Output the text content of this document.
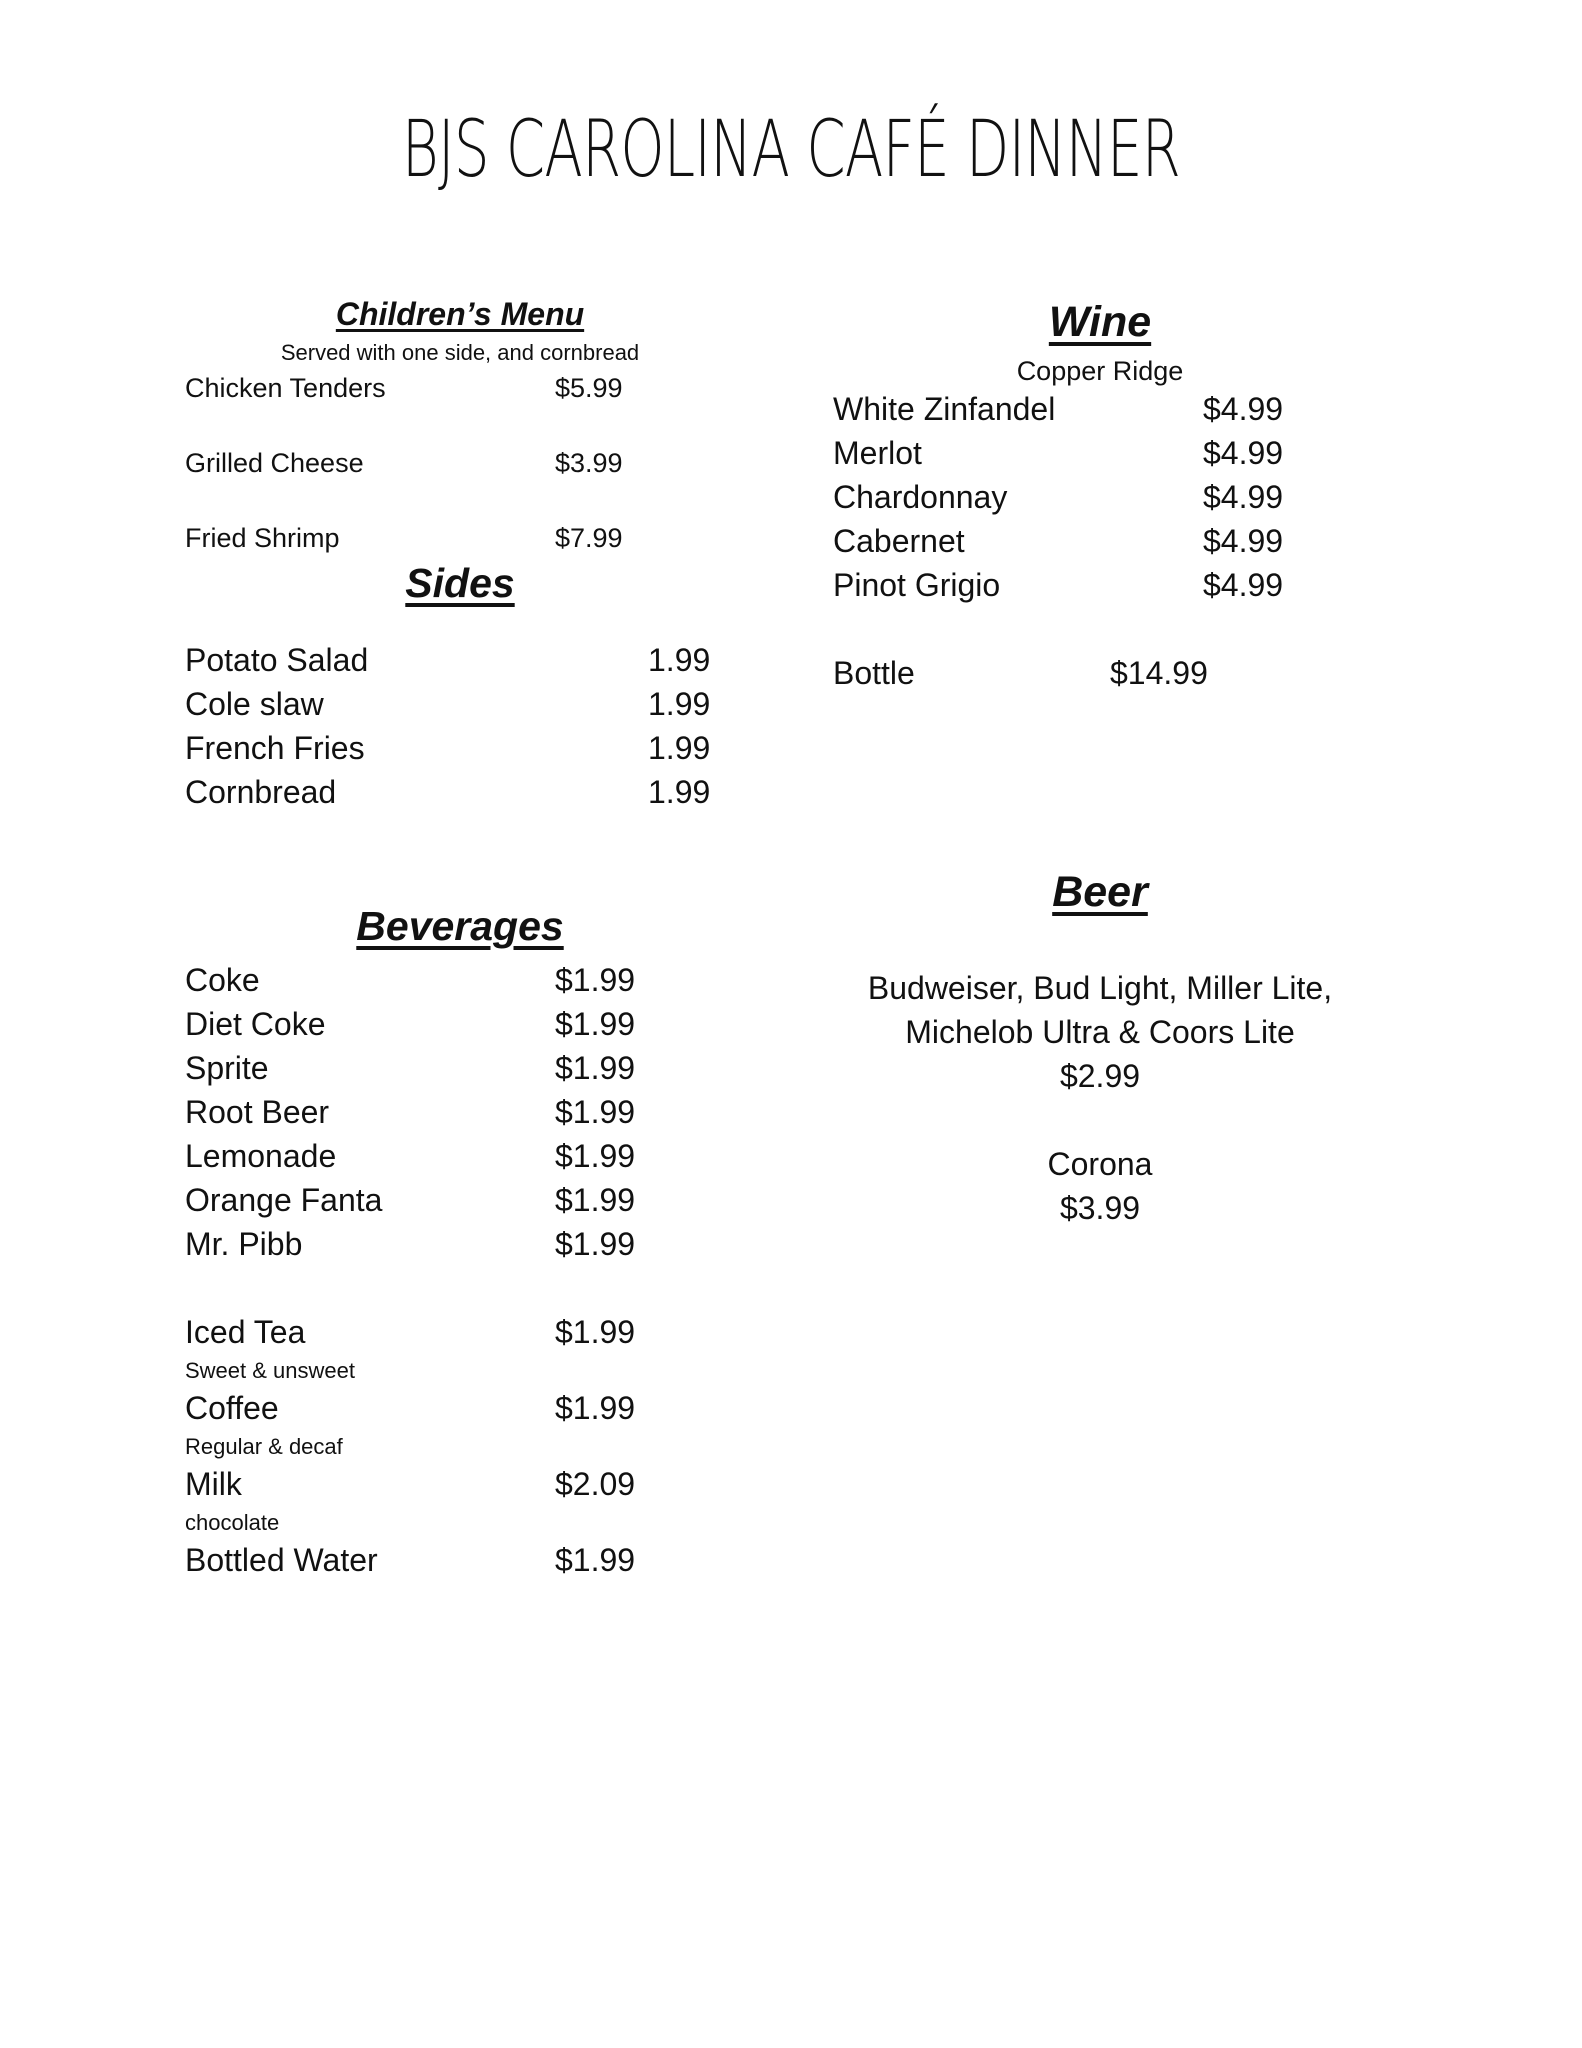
BJS CAROLINA CAFÉ DINNER
Children’s Menu
Served with one side, and cornbread
Chicken Tenders	$5.99
Grilled Cheese	$3.99
Fried Shrimp	$7.99
Sides
Potato Salad	1.99
Cole slaw	1.99
French Fries	1.99
Cornbread	1.99
Beverages
Coke	$1.99
Diet Coke	$1.99
Sprite	$1.99
Root Beer	$1.99
Lemonade	$1.99
Orange Fanta	$1.99
Mr. Pibb	$1.99
Iced Tea	$1.99
Sweet & unsweet
Coffee	$1.99
Regular & decaf
Milk	$2.09
chocolate
Bottled Water	$1.99
Wine
Copper Ridge
White Zinfandel	$4.99
Merlot	$4.99
Chardonnay	$4.99
Cabernet	$4.99
Pinot Grigio	$4.99
Bottle	$14.99
Beer
Budweiser, Bud Light, Miller Lite,
Michelob Ultra & Coors Lite
$2.99
Corona
$3.99
